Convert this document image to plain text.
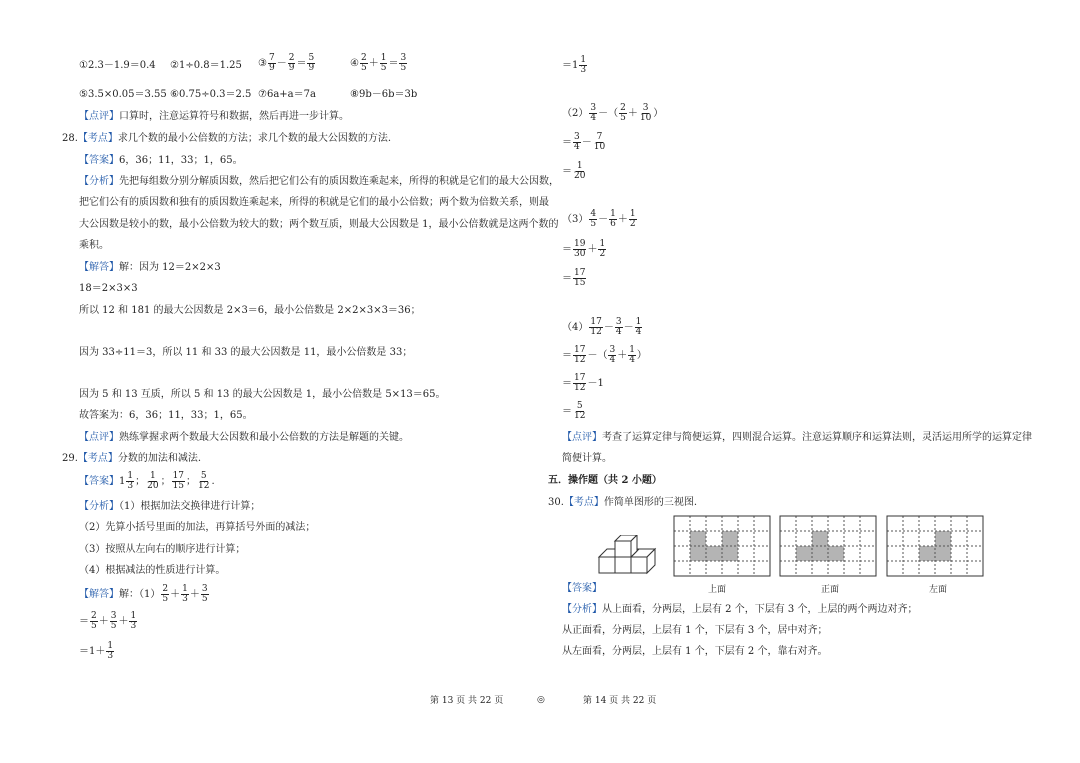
①2.3－1.9＝0.4 ②1÷0.8＝1.25 ③ $\frac{7}{9} - \frac{2}{9} = \frac{5}{9}$	④ $\frac{2}{5} + \frac{1}{5} = \frac{3}{5}$
⑤3.5×0.05＝3.55 ⑥0.75÷0.3＝2.5 ⑦6a+a＝7a	⑧9b－6b＝3b
【点评】口算时，注意运算符号和数据，然后再进一步计算。
28.【考点】求几个数的最小公倍数的方法；求几个数的最大公因数的方法.
【答案】6，36；11，33；1，65。
【分析】先把每组数分别分解质因数，然后把它们公有的质因数连乘起来，所得的积就是它们的最大公因数，
把它们公有的质因数和独有的质因数连乘起来，所得的积就是它们的最小公倍数；两个数为倍数关系，则最
大公因数是较小的数，最小公倍数为较大的数；两个数互质，则最大公因数是 1，最小公倍数就是这两个数的
乘积。
【解答】解：因为 12＝2×2×3
18＝2×3×3
所以 12 和 181 的最大公因数是 2×3＝6，最小公倍数是 2×2×3×3＝36；
因为 33÷11＝3，所以 11 和 33 的最大公因数是 11，最小公倍数是 33；
因为 5 和 13 互质，所以 5 和 13 的最大公因数是 1，最小公倍数是 5×13＝65。
故答案为：6，36；11，33；1，65。
【点评】熟练掌握求两个数最大公因数和最小公倍数的方法是解题的关键。
29.【考点】分数的加法和减法.
【答案】$1 \frac{1}{3}$ ； $\frac{1}{20}$ ； $\frac{17}{15}$ ； $\frac{5}{12}$ .
【分析】（1）根据加法交换律进行计算；
（2）先算小括号里面的加法，再算括号外面的减法；
（3）按照从左向右的顺序进行计算；
（4）根据减法的性质进行计算。
【解答】解：$(1) \frac{2}{5} + \frac{1}{3} + \frac{3}{5}$
＝ $\frac{2}{5} + \frac{3}{5} + \frac{1}{3}$
$=1+ \frac{1}{3}$
$=1 \frac{1}{3}$
$(2) \frac{3}{4}$ －（ $\frac{2}{5} + \frac{3}{10}$ ）
＝ $\frac{3}{4} - \frac{7}{10}$
＝ $\frac{1}{20}$
$(3) \frac{4}{5} - \frac{1}{6} + \frac{1}{2}$
＝ $\frac{19}{30} + \frac{1}{2}$
＝ $\frac{17}{15}$
$(4) \frac{17}{12} - \frac{3}{4} - \frac{1}{4}$
＝ $\frac{17}{12}$ －（ $\frac{3}{4} + \frac{1}{4}$ ）
＝ $\frac{17}{12} -1$
＝ $\frac{5}{12}$
【点评】考查了运算定律与简便运算，四则混合运算。注意运算顺序和运算法则，灵活运用所学的运算定律
简便计算。
五．操作题（共 2 小题）
30.【考点】作简单图形的三视图.
上面	正面	左面
【答案】
【分析】从上面看，分两层，上层有 2 个，下层有 3 个，上层的两个两边对齐；
从正面看，分两层，上层有 1 个，下层有 3 个，居中对齐；
从左面看，分两层，上层有 1 个，下层有 2 个，靠右对齐。
第 13 页 共 22 页	◎	第 14 页 共 22 页
